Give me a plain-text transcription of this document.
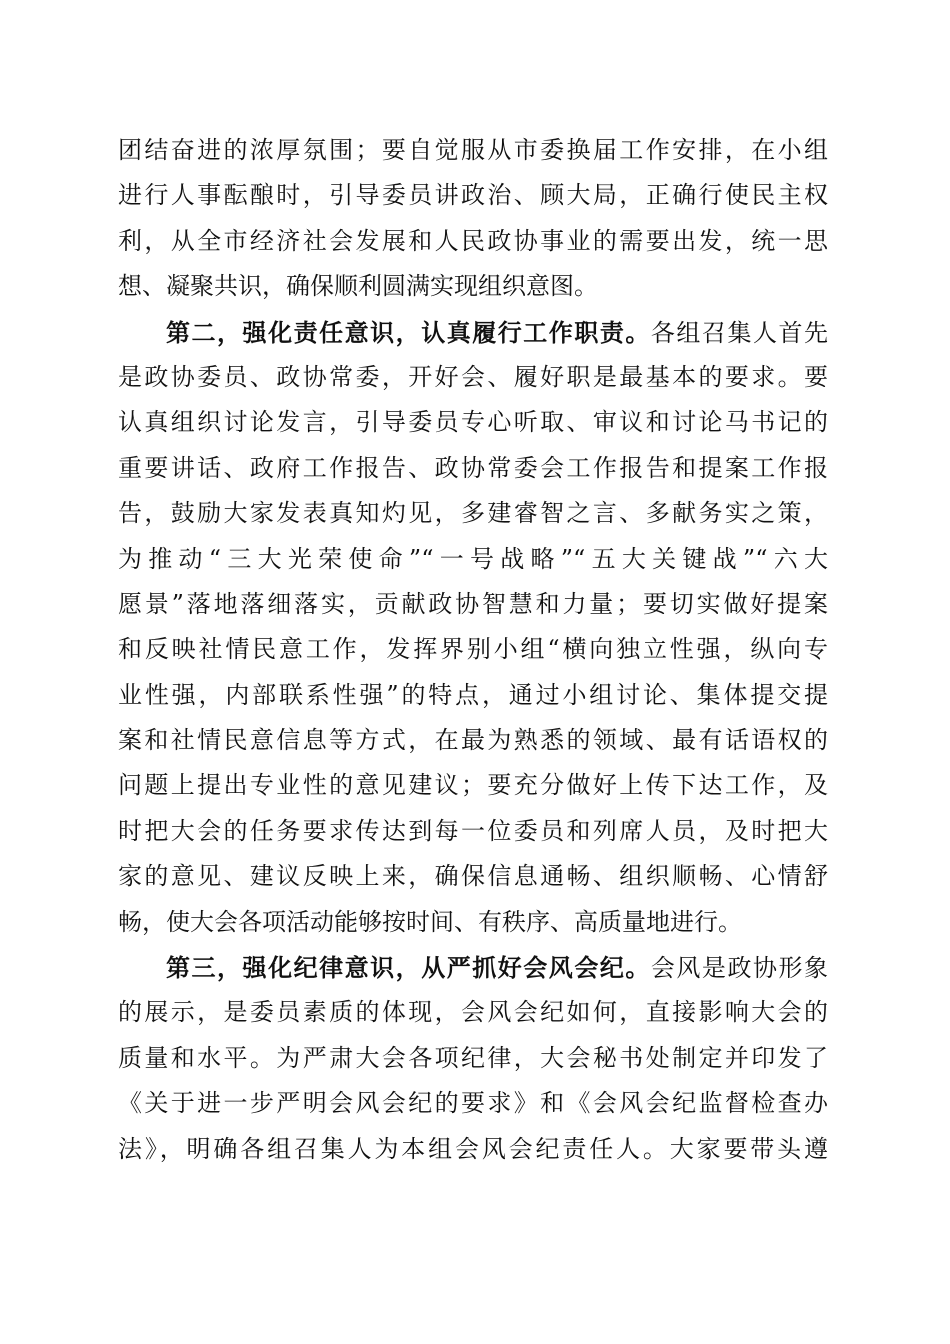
团结奋进的浓厚氛围；要自觉服从市委换届工作安排，在小组
进行人事酝酿时，引导委员讲政治、顾大局，正确行使民主权
利，从全市经济社会发展和人民政协事业的需要出发，统一思
想、凝聚共识，确保顺利圆满实现组织意图。
第二，强化责任意识，认真履行工作职责。各组召集人首先
是政协委员、政协常委，开好会、履好职是最基本的要求。要
认真组织讨论发言，引导委员专心听取、审议和讨论马书记的
重要讲话、政府工作报告、政协常委会工作报告和提案工作报
告，鼓励大家发表真知灼见，多建睿智之言、多献务实之策，
为推动“三大光荣使命”“一号战略”“五大关键战”“六大
愿景”落地落细落实，贡献政协智慧和力量；要切实做好提案
和反映社情民意工作，发挥界别小组“横向独立性强，纵向专
业性强，内部联系性强”的特点，通过小组讨论、集体提交提
案和社情民意信息等方式，在最为熟悉的领域、最有话语权的
问题上提出专业性的意见建议；要充分做好上传下达工作，及
时把大会的任务要求传达到每一位委员和列席人员，及时把大
家的意见、建议反映上来，确保信息通畅、组织顺畅、心情舒
畅，使大会各项活动能够按时间、有秩序、高质量地进行。
第三，强化纪律意识，从严抓好会风会纪。会风是政协形象
的展示，是委员素质的体现，会风会纪如何，直接影响大会的
质量和水平。为严肃大会各项纪律，大会秘书处制定并印发了
《关于进一步严明会风会纪的要求》和《会风会纪监督检查办
法》，明确各组召集人为本组会风会纪责任人。大家要带头遵
